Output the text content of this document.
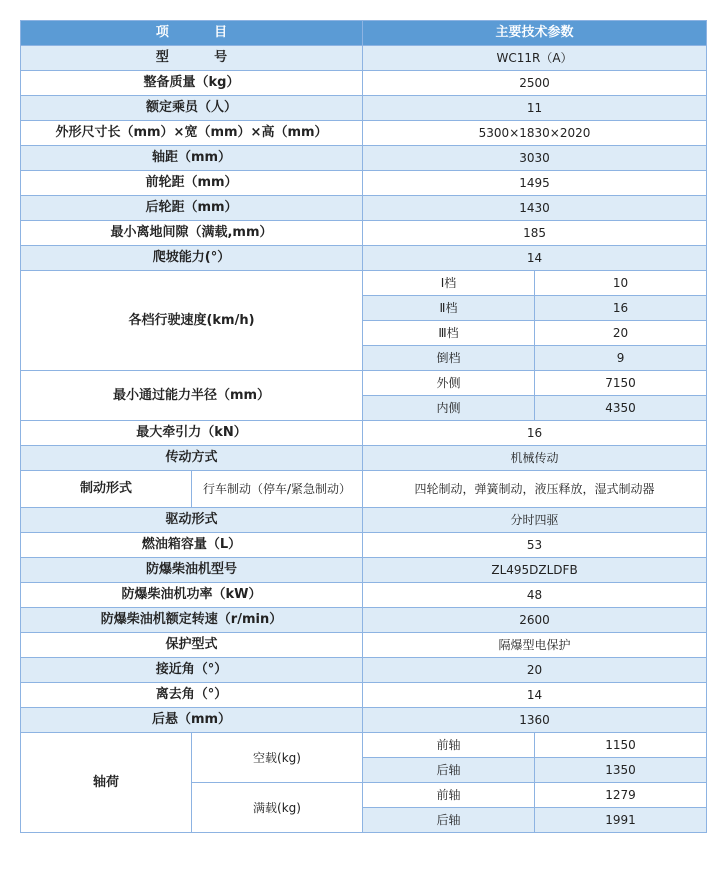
项          目		主要技术参数	
型          号		WC11R（A）	
整备质量（kg）		2500	
额定乘员（人）		11	
外形尺寸长（mm）×宽（mm）×高（mm）		5300×1830×2020	
轴距（mm）		3030	
前轮距（mm）		1495	
后轮距（mm）		1430	
最小离地间隙（满载,mm）		185	
爬坡能力(°）		14	
各档行驶速度(km/h)		Ⅰ档	10
		Ⅱ档	16
		Ⅲ档	20
		倒档	9
最小通过能力半径（mm）		外侧	7150
		内侧	4350
最大牵引力（kN）		16	
传动方式		机械传动	
制动形式	行车制动（停车/紧急制动）	四轮制动，弹簧制动，液压释放，湿式制动器	
驱动形式		分时四驱	
燃油箱容量（L）		53	
防爆柴油机型号		ZL495DZLDFB	
防爆柴油机功率（kW）		48	
防爆柴油机额定转速（r/min）		2600	
保护型式		隔爆型电保护	
接近角（°）		20	
离去角（°）		14	
后悬（mm）		1360	
轴荷	空载(kg)	前轴	1150
		后轴	1350
	满载(kg)	前轴	1279
		后轴	1991
